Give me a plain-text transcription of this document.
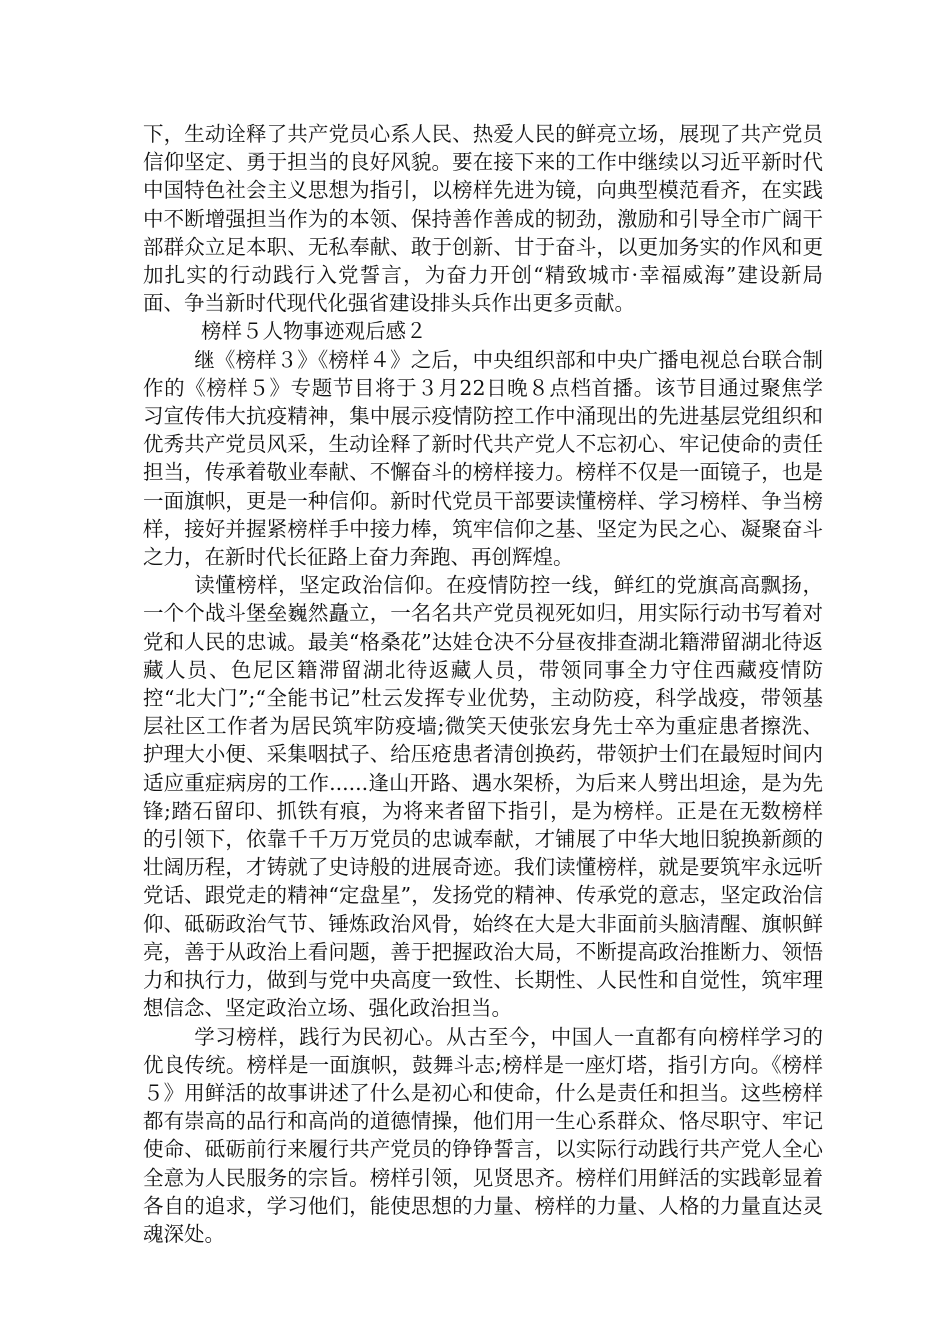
下，生动诠释了共产党员心系人民、热爱人民的鲜亮立场，展现了共产党员信仰坚定、勇于担当的良好风貌。要在接下来的工作中继续以习近平新时代中国特色社会主义思想为指引，以榜样先进为镜，向典型模范看齐，在实践中不断增强担当作为的本领、保持善作善成的韧劲，激励和引导全市广阔干部群众立足本职、无私奉献、敢于创新、甘于奋斗，以更加务实的作风和更加扎实的行动践行入党誓言，为奋力开创“精致城市·幸福威海”建设新局面、争当新时代现代化强省建设排头兵作出更多贡献。

榜样５人物事迹观后感２

继《榜样３》《榜样４》之后，中央组织部和中央广播电视总台联合制作的《榜样５》专题节目将于３月22日晚８点档首播。该节目通过聚焦学习宣传伟大抗疫精神，集中展示疫情防控工作中涌现出的先进基层党组织和优秀共产党员风采，生动诠释了新时代共产党人不忘初心、牢记使命的责任担当，传承着敬业奉献、不懈奋斗的榜样接力。榜样不仅是一面镜子，也是一面旗帜，更是一种信仰。新时代党员干部要读懂榜样、学习榜样、争当榜样，接好并握紧榜样手中接力棒，筑牢信仰之基、坚定为民之心、凝聚奋斗之力，在新时代长征路上奋力奔跑、再创辉煌。

读懂榜样，坚定政治信仰。在疫情防控一线，鲜红的党旗高高飘扬，一个个战斗堡垒巍然矗立，一名名共产党员视死如归，用实际行动书写着对党和人民的忠诚。最美“格桑花”达娃仓决不分昼夜排查湖北籍滞留湖北待返藏人员、色尼区籍滞留湖北待返藏人员，带领同事全力守住西藏疫情防控“北大门”;“全能书记”杜云发挥专业优势，主动防疫，科学战疫，带领基层社区工作者为居民筑牢防疫墙;微笑天使张宏身先士卒为重症患者擦洗、护理大小便、采集咽拭子、给压疮患者清创换药，带领护士们在最短时间内适应重症病房的工作......逢山开路、遇水架桥，为后来人劈出坦途，是为先锋;踏石留印、抓铁有痕，为将来者留下指引，是为榜样。正是在无数榜样的引领下，依靠千千万万党员的忠诚奉献，才铺展了中华大地旧貌换新颜的壮阔历程，才铸就了史诗般的进展奇迹。我们读懂榜样，就是要筑牢永远听党话、跟党走的精神“定盘星”，发扬党的精神、传承党的意志，坚定政治信仰、砥砺政治气节、锤炼政治风骨，始终在大是大非面前头脑清醒、旗帜鲜亮，善于从政治上看问题，善于把握政治大局，不断提高政治推断力、领悟力和执行力，做到与党中央高度一致性、长期性、人民性和自觉性，筑牢理想信念、坚定政治立场、强化政治担当。

学习榜样，践行为民初心。从古至今，中国人一直都有向榜样学习的优良传统。榜样是一面旗帜，鼓舞斗志;榜样是一座灯塔，指引方向。《榜样５》用鲜活的故事讲述了什么是初心和使命，什么是责任和担当。这些榜样都有崇高的品行和高尚的道德情操，他们用一生心系群众、恪尽职守、牢记使命、砥砺前行来履行共产党员的铮铮誓言，以实际行动践行共产党人全心全意为人民服务的宗旨。榜样引领，见贤思齐。榜样们用鲜活的实践彰显着各自的追求，学习他们，能使思想的力量、榜样的力量、人格的力量直达灵魂深处。
